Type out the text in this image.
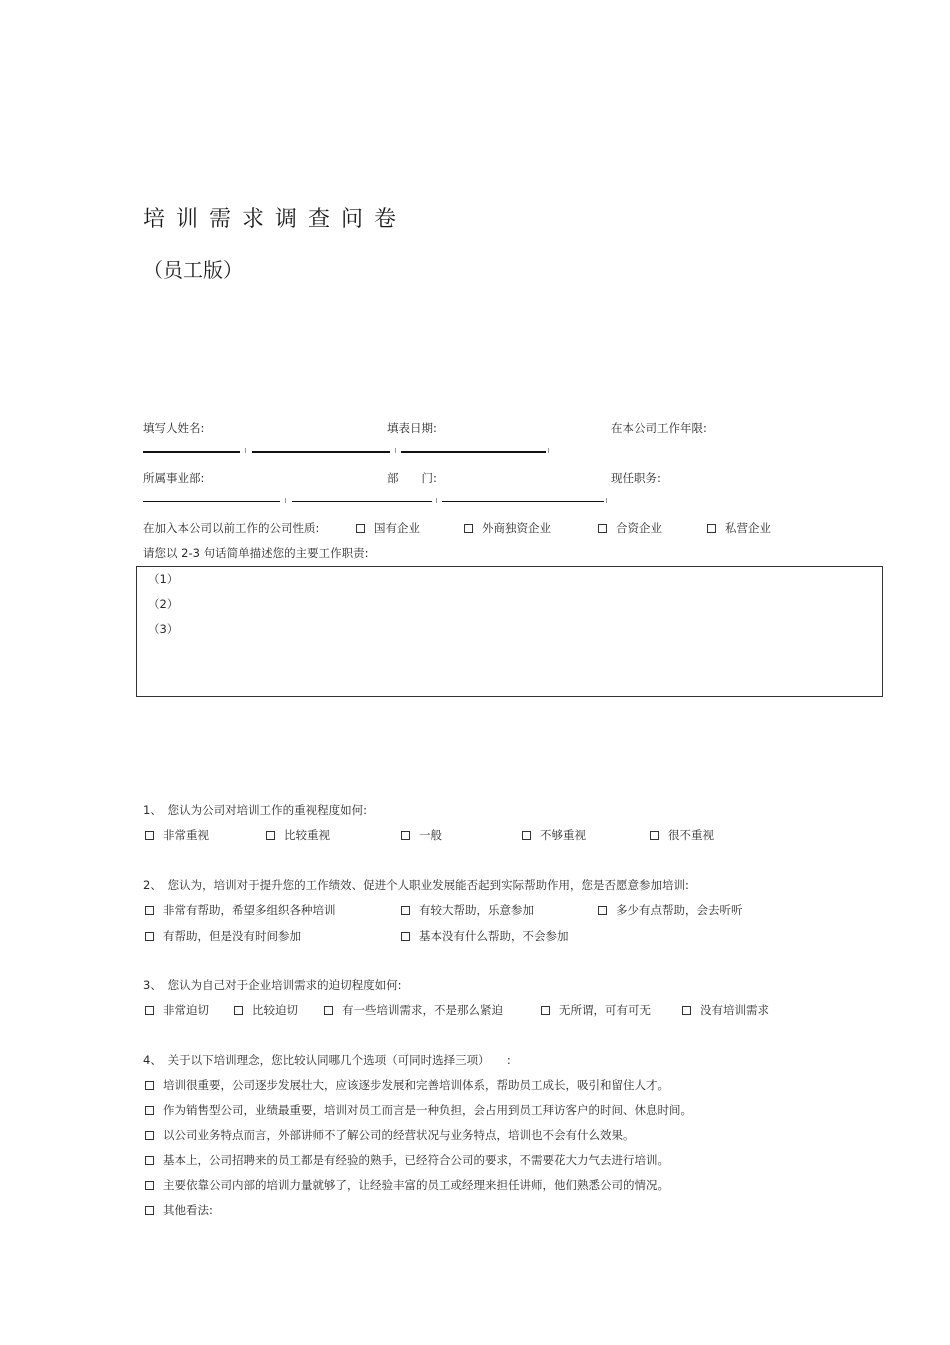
培训需求调查问卷
（员工版）
填写人姓名:	填表日期:	在本公司工作年限:
所属事业部:	部　　门:	现任职务:
在加入本公司以前工作的公司性质:	国有企业	外商独资企业	合资企业	私营企业
请您以 2-3 句话简单描述您的主要工作职责:
（1）
（2）
（3）
1、　您认为公司对培训工作的重视程度如何:
非常重视	比较重视	一般	不够重视	很不重视
2、　您认为，培训对于提升您的工作绩效、促进个人职业发展能否起到实际帮助作用，您是否愿意参加培训:
非常有帮助，希望多组织各种培训	有较大帮助，乐意参加	多少有点帮助，会去听听
有帮助，但是没有时间参加	基本没有什么帮助，不会参加
3、　您认为自己对于企业培训需求的迫切程度如何:
非常迫切	比较迫切	有一些培训需求，不是那么紧迫	无所谓，可有可无	没有培训需求
4、　关于以下培训理念，您比较认同哪几个选项（可同时选择三项）　　:
培训很重要，公司逐步发展壮大，应该逐步发展和完善培训体系，帮助员工成长，吸引和留住人才。
作为销售型公司，业绩最重要，培训对员工而言是一种负担，会占用到员工拜访客户的时间、休息时间。
以公司业务特点而言，外部讲师不了解公司的经营状况与业务特点，培训也不会有什么效果。
基本上，公司招聘来的员工都是有经验的熟手，已经符合公司的要求，不需要花大力气去进行培训。
主要依靠公司内部的培训力量就够了，让经验丰富的员工或经理来担任讲师，他们熟悉公司的情况。
其他看法:
